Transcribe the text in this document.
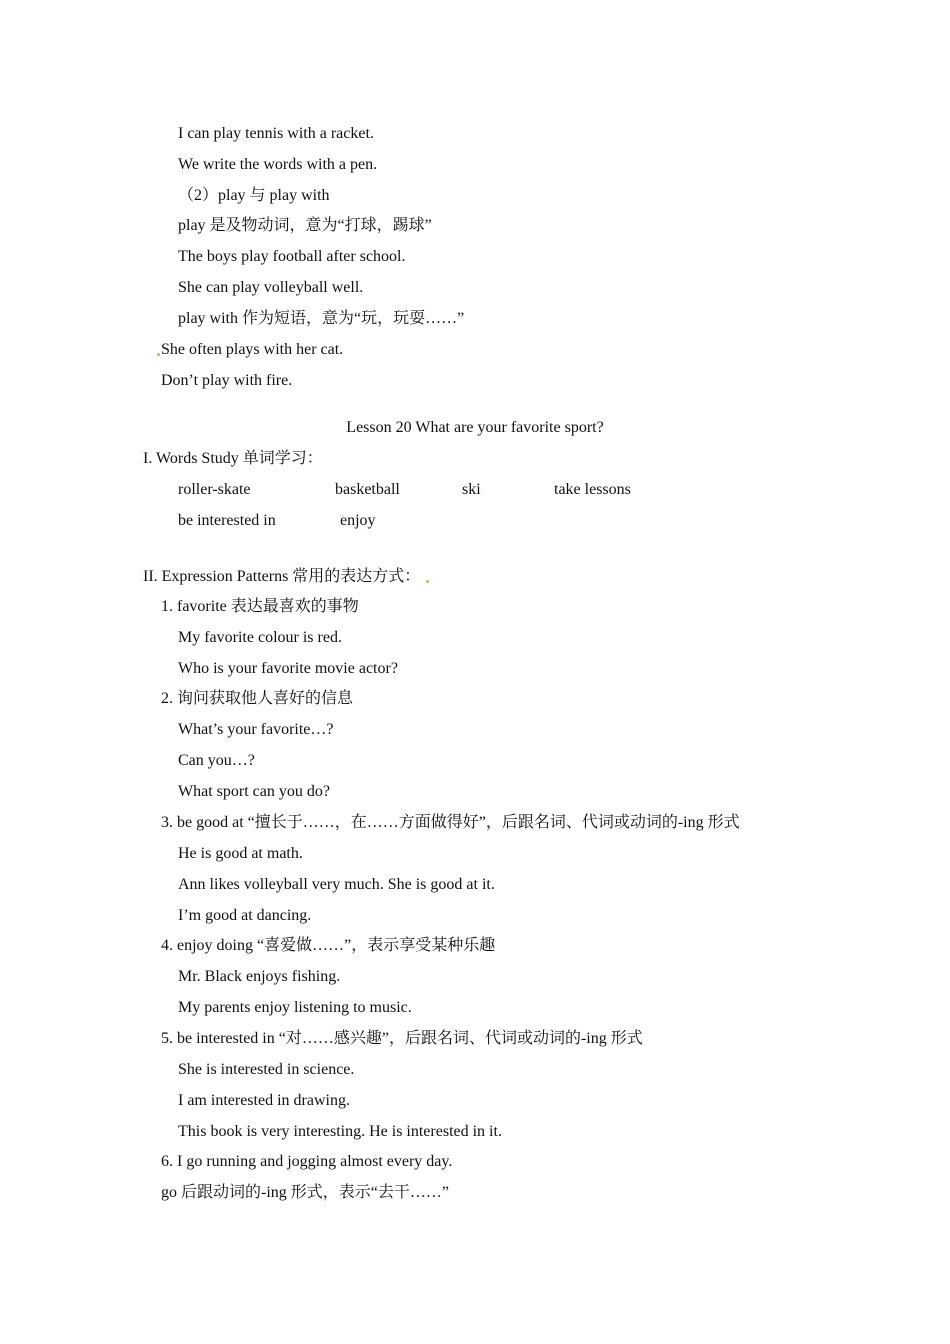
I can play tennis with a racket.
We write the words with a pen.
（2）play 与 play with
play 是及物动词，意为“打球，踢球”
The boys play football after school.
She can play volleyball well.
play with 作为短语，意为“玩，玩耍……”
She often plays with her cat.
Don’t play with fire.
Lesson 20 What are your favorite sport?
I. Words Study 单词学习：
roller-skate	basketball	ski	take lessons
be interested in	enjoy
II. Expression Patterns 常用的表达方式：
1. favorite 表达最喜欢的事物
My favorite colour is red.
Who is your favorite movie actor?
2. 询问获取他人喜好的信息
What’s your favorite…?
Can you…?
What sport can you do?
3. be good at “擅长于……，在……方面做得好”，后跟名词、代词或动词的-ing 形式
He is good at math.
Ann likes volleyball very much. She is good at it.
I’m good at dancing.
4. enjoy doing “喜爱做……”，表示享受某种乐趣
Mr. Black enjoys fishing.
My parents enjoy listening to music.
5. be interested in “对……感兴趣”，后跟名词、代词或动词的-ing 形式
She is interested in science.
I am interested in drawing.
This book is very interesting. He is interested in it.
6. I go running and jogging almost every day.
go 后跟动词的-ing 形式，表示“去干……”
